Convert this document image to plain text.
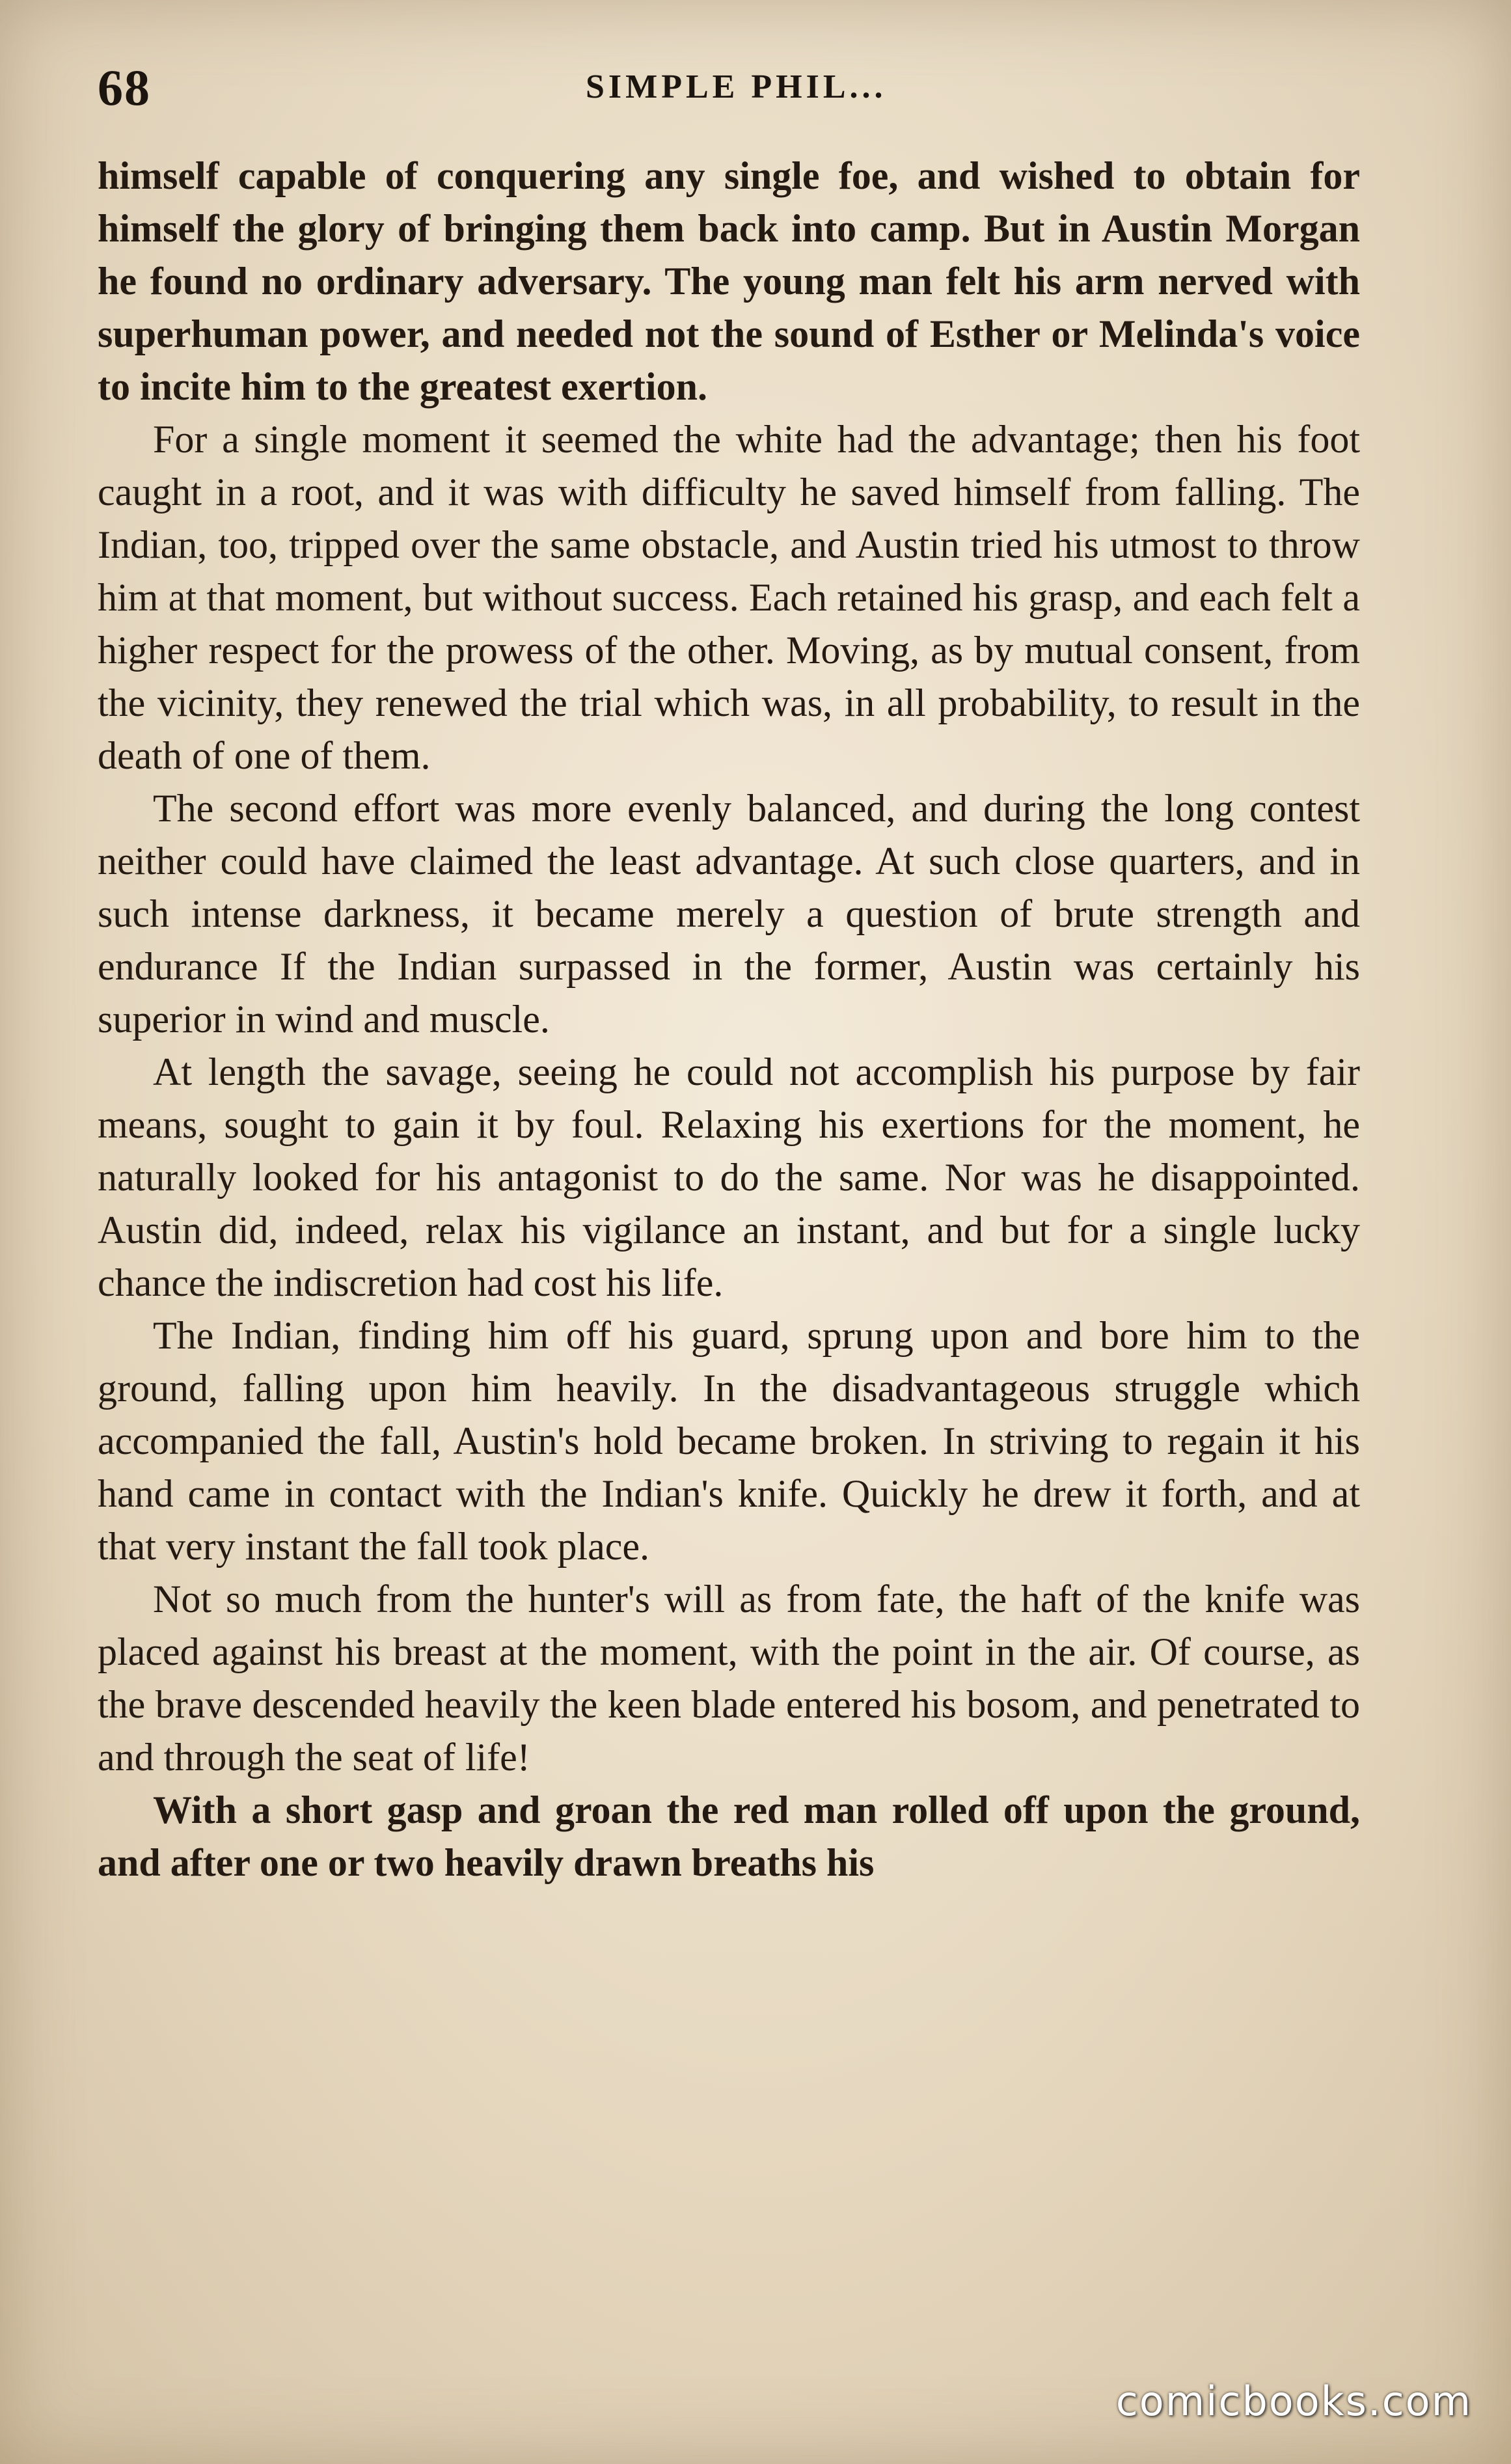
68	SIMPLE PHIL...

himself capable of conquering any single foe, and wished to obtain for himself the glory of bringing them back into camp. But in Austin Morgan he found no ordinary adversary. The young man felt his arm nerved with superhuman power, and needed not the sound of Esther or Melinda's voice to incite him to the greatest exertion.

For a single moment it seemed the white had the advantage; then his foot caught in a root, and it was with difficulty he saved himself from falling. The Indian, too, tripped over the same obstacle, and Austin tried his utmost to throw him at that moment, but without success. Each retained his grasp, and each felt a higher respect for the prowess of the other. Moving, as by mutual consent, from the vicinity, they renewed the trial which was, in all probability, to result in the death of one of them.

The second effort was more evenly balanced, and during the long contest neither could have claimed the least advantage. At such close quarters, and in such intense darkness, it became merely a question of brute strength and endurance If the Indian surpassed in the former, Austin was certainly his superior in wind and muscle.

At length the savage, seeing he could not accomplish his purpose by fair means, sought to gain it by foul. Relaxing his exertions for the moment, he naturally looked for his antagonist to do the same. Nor was he disappointed. Austin did, indeed, relax his vigilance an instant, and but for a single lucky chance the indiscretion had cost his life.

The Indian, finding him off his guard, sprung upon and bore him to the ground, falling upon him heavily. In the disadvantageous struggle which accompanied the fall, Austin's hold became broken. In striving to regain it his hand came in contact with the Indian's knife. Quickly he drew it forth, and at that very instant the fall took place.

Not so much from the hunter's will as from fate, the haft of the knife was placed against his breast at the moment, with the point in the air. Of course, as the brave descended heavily the keen blade entered his bosom, and penetrated to and through the seat of life!

With a short gasp and groan the red man rolled off upon the ground, and after one or two heavily drawn breaths his

comicbooks.com
